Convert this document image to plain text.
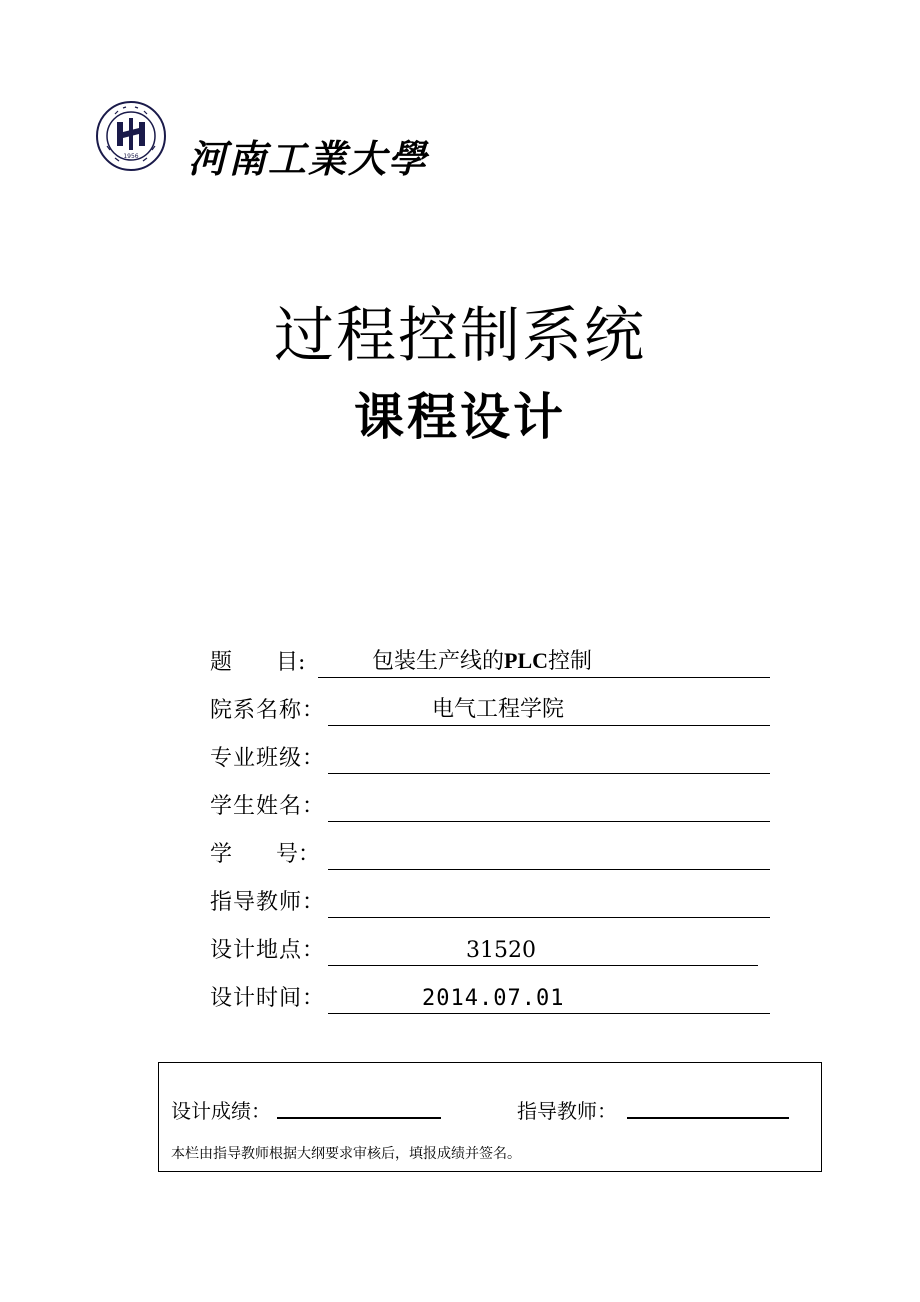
1956 河南工業大學
过程控制系统
课程设计
题　　目:	包装生产线的PLC控制
院系名称：	电气工程学院
专业班级：
学生姓名：
学　　号：
指导教师：
设计地点：	31520
设计时间：	2014.07.01
设计成绩：	指导教师：
本栏由指导教师根据大纲要求审核后，填报成绩并签名。
